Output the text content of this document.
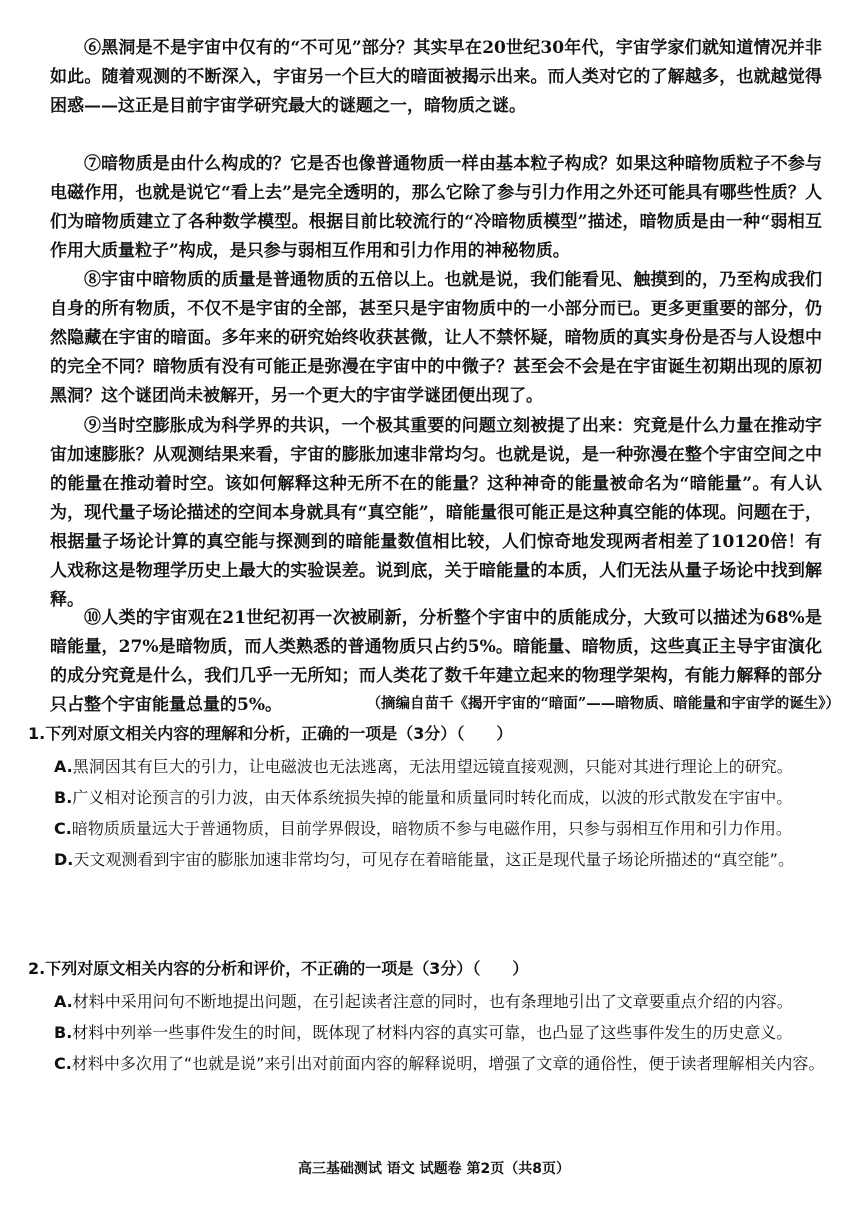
⑥黑洞是不是宇宙中仅有的“不可见”部分？其实早在20世纪30年代，宇宙学家们就知道情况并非如此。随着观测的不断深入，宇宙另一个巨大的暗面被揭示出来。而人类对它的了解越多，也就越觉得困惑——这正是目前宇宙学研究最大的谜题之一，暗物质之谜。

⑦暗物质是由什么构成的？它是否也像普通物质一样由基本粒子构成？如果这种暗物质粒子不参与电磁作用，也就是说它“看上去”是完全透明的，那么它除了参与引力作用之外还可能具有哪些性质？人们为暗物质建立了各种数学模型。根据目前比较流行的“冷暗物质模型”描述，暗物质是由一种“弱相互作用大质量粒子”构成，是只参与弱相互作用和引力作用的神秘物质。

⑧宇宙中暗物质的质量是普通物质的五倍以上。也就是说，我们能看见、触摸到的，乃至构成我们自身的所有物质，不仅不是宇宙的全部，甚至只是宇宙物质中的一小部分而已。更多更重要的部分，仍然隐藏在宇宙的暗面。多年来的研究始终收获甚微，让人不禁怀疑，暗物质的真实身份是否与人设想中的完全不同？暗物质有没有可能正是弥漫在宇宙中的中微子？甚至会不会是在宇宙诞生初期出现的原初黑洞？这个谜团尚未被解开，另一个更大的宇宙学谜团便出现了。

⑨当时空膨胀成为科学界的共识，一个极其重要的问题立刻被提了出来：究竟是什么力量在推动宇宙加速膨胀？从观测结果来看，宇宙的膨胀加速非常均匀。也就是说，是一种弥漫在整个宇宙空间之中的能量在推动着时空。该如何解释这种无所不在的能量？这种神奇的能量被命名为“暗能量”。有人认为，现代量子场论描述的空间本身就具有“真空能”，暗能量很可能正是这种真空能的体现。问题在于，根据量子场论计算的真空能与探测到的暗能量数值相比较，人们惊奇地发现两者相差了10120倍！有人戏称这是物理学历史上最大的实验误差。说到底，关于暗能量的本质，人们无法从量子场论中找到解释。

⑩人类的宇宙观在21世纪初再一次被刷新，分析整个宇宙中的质能成分，大致可以描述为68%是暗能量，27%是暗物质，而人类熟悉的普通物质只占约5%。暗能量、暗物质，这些真正主导宇宙演化的成分究竟是什么，我们几乎一无所知；而人类花了数千年建立起来的物理学架构，有能力解释的部分只占整个宇宙能量总量的5%。	（摘编自苗千《揭开宇宙的“暗面”——暗物质、暗能量和宇宙学的诞生》）

1.下列对原文相关内容的理解和分析，正确的一项是（3分）（　　）

A.黑洞因其有巨大的引力，让电磁波也无法逃离，无法用望远镜直接观测，只能对其进行理论上的研究。

B.广义相对论预言的引力波，由天体系统损失掉的能量和质量同时转化而成，以波的形式散发在宇宙中。

C.暗物质质量远大于普通物质，目前学界假设，暗物质不参与电磁作用，只参与弱相互作用和引力作用。

D.天文观测看到宇宙的膨胀加速非常均匀，可见存在着暗能量，这正是现代量子场论所描述的“真空能”。

2.下列对原文相关内容的分析和评价，不正确的一项是（3分）（　　）

A.材料中采用问句不断地提出问题，在引起读者注意的同时，也有条理地引出了文章要重点介绍的内容。

B.材料中列举一些事件发生的时间，既体现了材料内容的真实可靠，也凸显了这些事件发生的历史意义。

C.材料中多次用了“也就是说”来引出对前面内容的解释说明，增强了文章的通俗性，便于读者理解相关内容。

高三基础测试 语文 试题卷 第2页（共8页）
